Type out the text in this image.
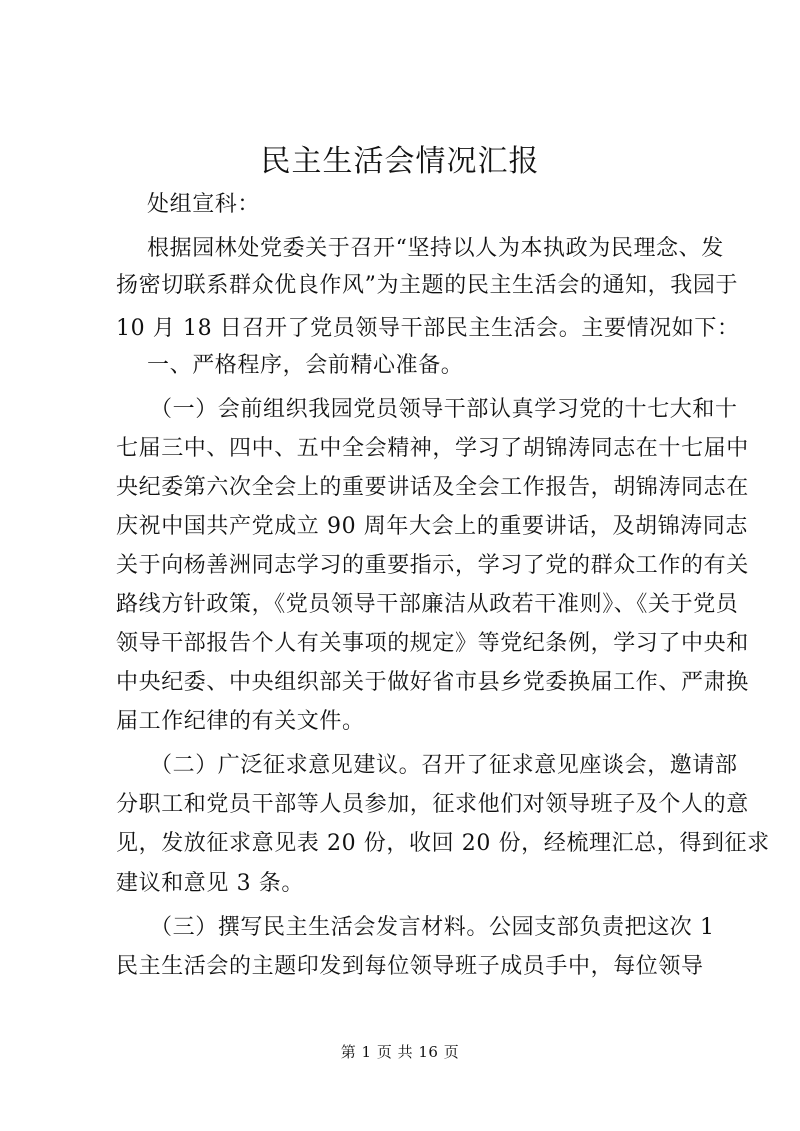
民主生活会情况汇报
处组宣科：
根据园林处党委关于召开“坚持以人为本执政为民理念、发
扬密切联系群众优良作风”为主题的民主生活会的通知，我园于
10 月 18 日召开了党员领导干部民主生活会。主要情况如下：
一、严格程序，会前精心准备。
（一）会前组织我园党员领导干部认真学习党的十七大和十
七届三中、四中、五中全会精神，学习了胡锦涛同志在十七届中
央纪委第六次全会上的重要讲话及全会工作报告，胡锦涛同志在
庆祝中国共产党成立 90 周年大会上的重要讲话，及胡锦涛同志
关于向杨善洲同志学习的重要指示，学习了党的群众工作的有关
路线方针政策，《党员领导干部廉洁从政若干准则》、《关于党员
领导干部报告个人有关事项的规定》等党纪条例，学习了中央和
中央纪委、中央组织部关于做好省市县乡党委换届工作、严肃换
届工作纪律的有关文件。
（二）广泛征求意见建议。召开了征求意见座谈会，邀请部
分职工和党员干部等人员参加，征求他们对领导班子及个人的意
见，发放征求意见表 20 份，收回 20 份，经梳理汇总，得到征求
建议和意见 3 条。
（三）撰写民主生活会发言材料。公园支部负责把这次 1
民主生活会的主题印发到每位领导班子成员手中，每位领导
第 1 页 共 16 页
